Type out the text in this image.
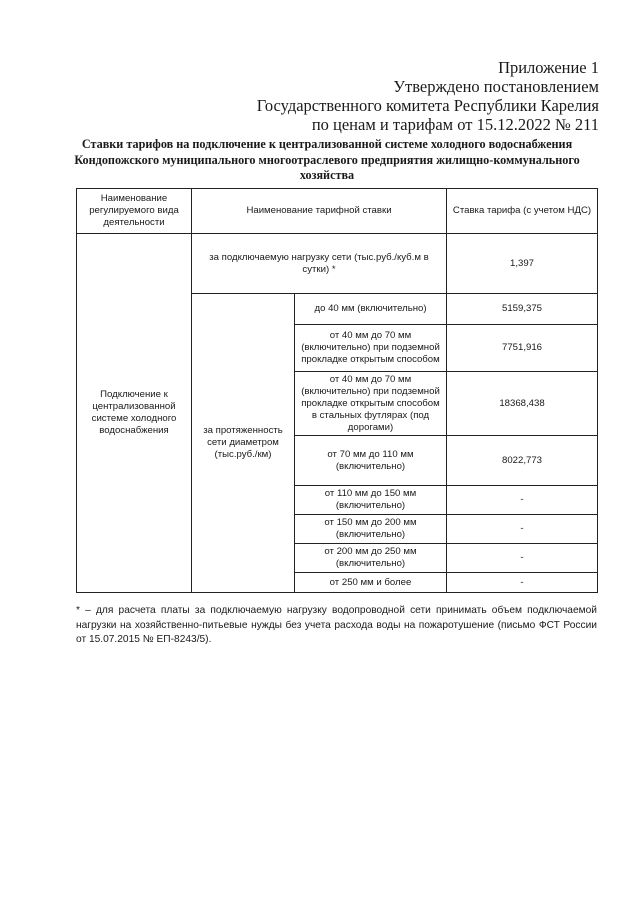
Приложение 1
Утверждено постановлением
Государственного комитета Республики Карелия
по ценам и тарифам от 15.12.2022 № 211
Ставки тарифов на подключение к централизованной системе холодного водоснабжения Кондопожского муниципального многоотраслевого предприятия жилищно-коммунального хозяйства
Наименование регулируемого вида деятельности	Наименование тарифной ставки		Ставка тарифа (с учетом НДС)
Подключение к централизованной системе холодного водоснабжения	за подключаемую нагрузку сети (тыс.руб./куб.м в сутки) *		1,397
	за протяженность сети диаметром (тыс.руб./км)	до 40 мм (включительно)	5159,375
		от 40 мм до 70 мм (включительно) при подземной прокладке открытым способом	7751,916
		от 40 мм до 70 мм (включительно) при подземной прокладке открытым способом в стальных футлярах (под дорогами)	18368,438
		от 70 мм до 110 мм (включительно)	8022,773
		от 110 мм до 150 мм (включительно)	-
		от 150 мм до 200 мм (включительно)	-
		от 200 мм до 250 мм (включительно)	-
		от 250 мм и более	-
* – для расчета платы за подключаемую нагрузку водопроводной сети принимать объем подключаемой нагрузки на хозяйственно-питьевые нужды без учета расхода воды на пожаротушение (письмо ФСТ России от 15.07.2015 № ЕП-8243/5).
